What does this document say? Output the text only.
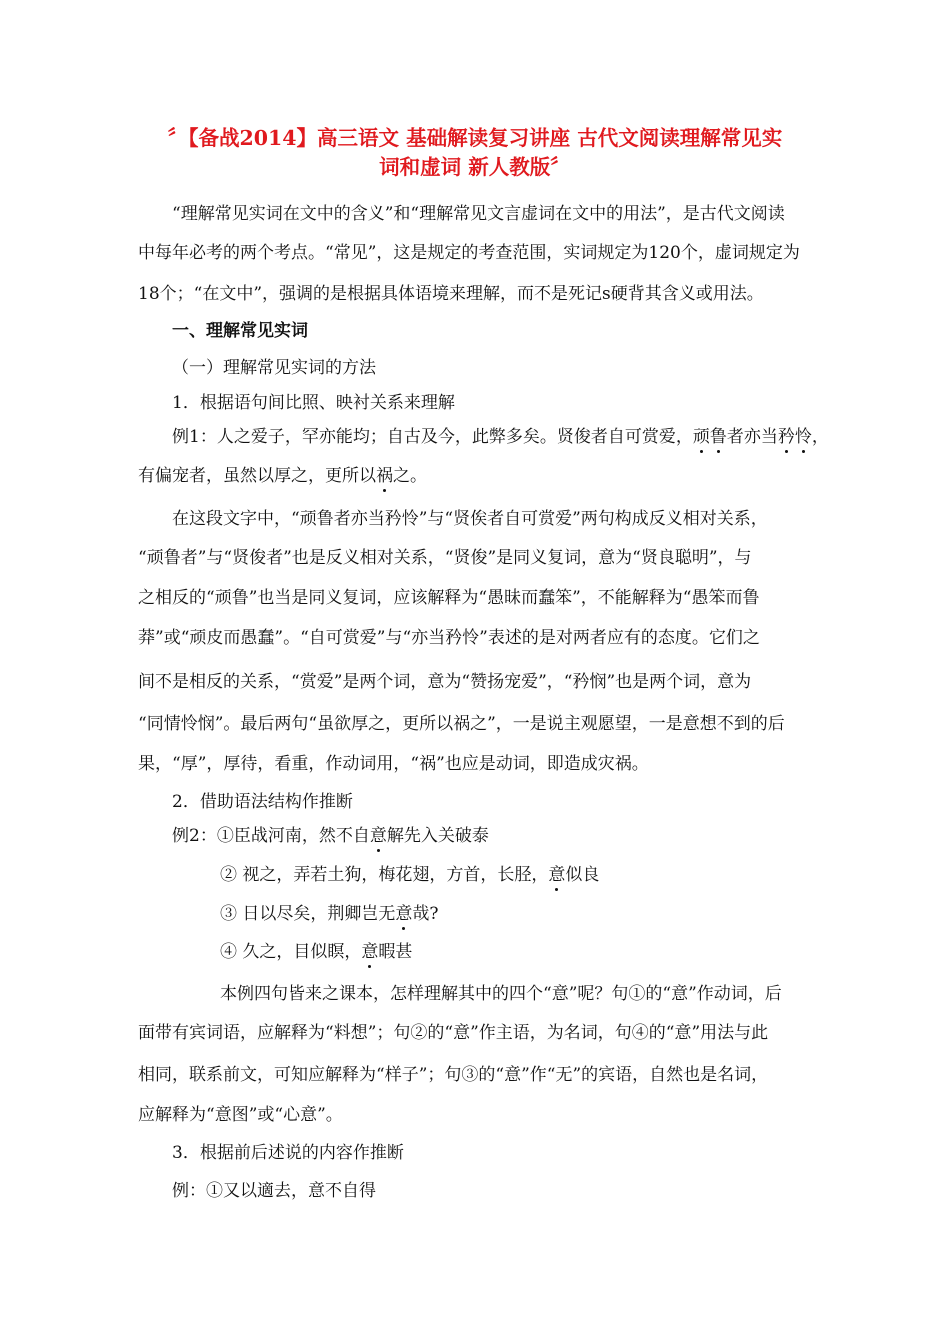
〞【备战2014】高三语文 基础解读复习讲座 古代文阅读理解常见实
词和虚词 新人教版〞
“理解常见实词在文中的含义”和“理解常见文言虚词在文中的用法”，是古代文阅读
中每年必考的两个考点。“常见”，这是规定的考查范围，实词规定为120个，虚词规定为
18个；“在文中”，强调的是根据具体语境来理解，而不是死记s硬背其含义或用法。
一、理解常见实词
（一）理解常见实词的方法
1．根据语句间比照、映衬关系来理解
例1：人之爱子，罕亦能均；自古及今，此弊多矣。贤俊者自可赏爱，顽鲁者亦当矜怜，
有偏宠者，虽然以厚之，更所以祸之。
在这段文字中，“顽鲁者亦当矜怜”与“贤俟者自可赏爱”两句构成反义相对关系，
“顽鲁者”与“贤俊者”也是反义相对关系，“贤俊”是同义复词，意为“贤良聪明”，与
之相反的“顽鲁”也当是同义复词，应该解释为“愚昧而蠢笨”，不能解释为“愚笨而鲁
莽”或“顽皮而愚蠢”。“自可赏爱”与“亦当矜怜”表述的是对两者应有的态度。它们之
间不是相反的关系，“赏爱”是两个词，意为“赞扬宠爱”，“矜悯”也是两个词，意为
“同情怜悯”。最后两句“虽欲厚之，更所以祸之”，一是说主观愿望，一是意想不到的后
果，“厚”，厚待，看重，作动词用，“祸”也应是动词，即造成灾祸。
2．借助语法结构作推断
例2：①臣战河南，然不自意解先入关破泰
② 视之，弄若土狗，梅花翅，方首，长胫，意似良
③ 日以尽矣，荆卿岂无意哉?
④ 久之，目似瞑，意暇甚
本例四句皆来之课本，怎样理解其中的四个“意”呢？句①的“意”作动词，后
面带有宾词语，应解释为“料想”；句②的“意”作主语，为名词，句④的“意”用法与此
相同，联系前文，可知应解释为“样子”；句③的“意”作“无”的宾语，自然也是名词，
应解释为“意图”或“心意”。
3．根据前后述说的内容作推断
例：①又以適去，意不自得
